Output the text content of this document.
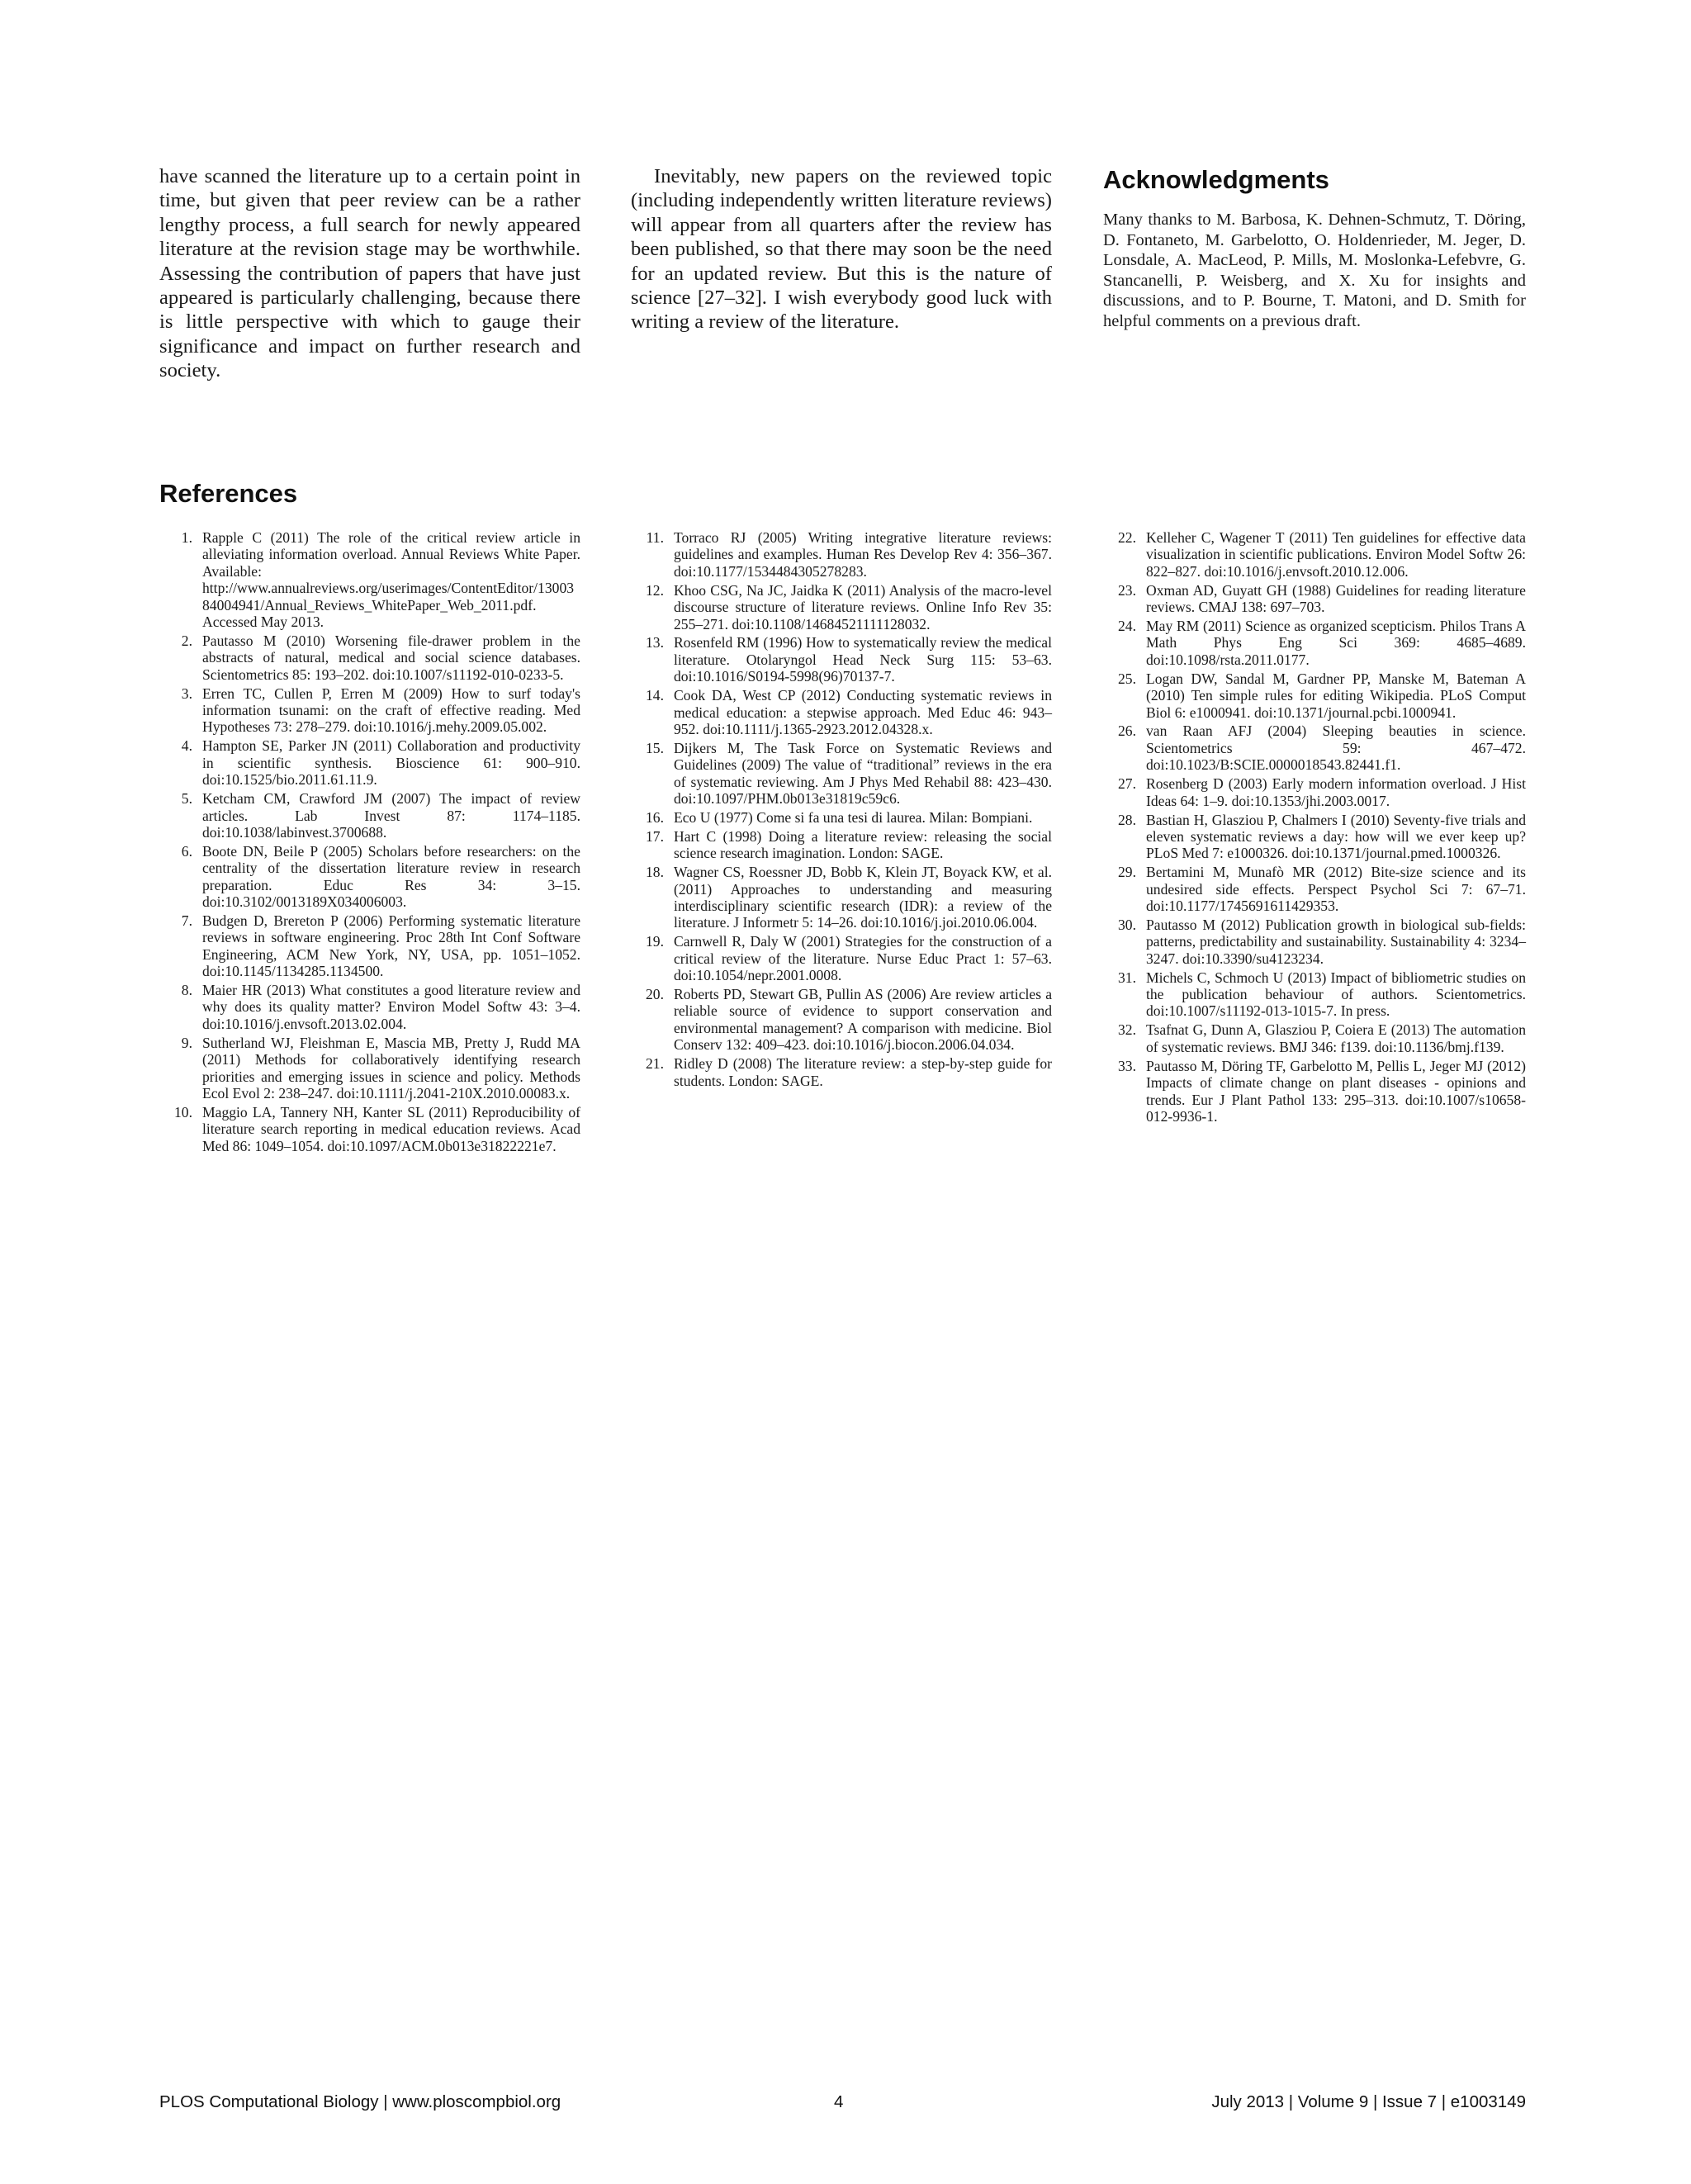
have scanned the literature up to a certain point in time, but given that peer review can be a rather lengthy process, a full search for newly appeared literature at the revision stage may be worthwhile. Assessing the contribution of papers that have just appeared is particularly challenging, because there is little perspective with which to gauge their significance and impact on further research and society.

Inevitably, new papers on the reviewed topic (including independently written literature reviews) will appear from all quarters after the review has been published, so that there may soon be the need for an updated review. But this is the nature of science [27–32]. I wish everybody good luck with writing a review of the literature.

Acknowledgments

Many thanks to M. Barbosa, K. Dehnen-Schmutz, T. Döring, D. Fontaneto, M. Garbelotto, O. Holdenrieder, M. Jeger, D. Lonsdale, A. MacLeod, P. Mills, M. Moslonka-Lefebvre, G. Stancanelli, P. Weisberg, and X. Xu for insights and discussions, and to P. Bourne, T. Matoni, and D. Smith for helpful comments on a previous draft.

References
1. Rapple C (2011) The role of the critical review article in alleviating information overload. Annual Reviews White Paper. Available: http://www.annualreviews.org/userimages/ContentEditor/1300384004941/Annual_Reviews_WhitePaper_Web_2011.pdf. Accessed May 2013.
2. Pautasso M (2010) Worsening file-drawer problem in the abstracts of natural, medical and social science databases. Scientometrics 85: 193–202. doi:10.1007/s11192-010-0233-5.
3. Erren TC, Cullen P, Erren M (2009) How to surf today's information tsunami: on the craft of effective reading. Med Hypotheses 73: 278–279. doi:10.1016/j.mehy.2009.05.002.
4. Hampton SE, Parker JN (2011) Collaboration and productivity in scientific synthesis. Bioscience 61: 900–910. doi:10.1525/bio.2011.61.11.9.
5. Ketcham CM, Crawford JM (2007) The impact of review articles. Lab Invest 87: 1174–1185. doi:10.1038/labinvest.3700688.
6. Boote DN, Beile P (2005) Scholars before researchers: on the centrality of the dissertation literature review in research preparation. Educ Res 34: 3–15. doi:10.3102/0013189X034006003.
7. Budgen D, Brereton P (2006) Performing systematic literature reviews in software engineering. Proc 28th Int Conf Software Engineering, ACM New York, NY, USA, pp. 1051–1052. doi:10.1145/1134285.1134500.
8. Maier HR (2013) What constitutes a good literature review and why does its quality matter? Environ Model Softw 43: 3–4. doi:10.1016/j.envsoft.2013.02.004.
9. Sutherland WJ, Fleishman E, Mascia MB, Pretty J, Rudd MA (2011) Methods for collaboratively identifying research priorities and emerging issues in science and policy. Methods Ecol Evol 2: 238–247. doi:10.1111/j.2041-210X.2010.00083.x.
10. Maggio LA, Tannery NH, Kanter SL (2011) Reproducibility of literature search reporting in medical education reviews. Acad Med 86: 1049–1054. doi:10.1097/ACM.0b013e31822221e7.
11. Torraco RJ (2005) Writing integrative literature reviews: guidelines and examples. Human Res Develop Rev 4: 356–367. doi:10.1177/1534484305278283.
12. Khoo CSG, Na JC, Jaidka K (2011) Analysis of the macro-level discourse structure of literature reviews. Online Info Rev 35: 255–271. doi:10.1108/14684521111128032.
13. Rosenfeld RM (1996) How to systematically review the medical literature. Otolaryngol Head Neck Surg 115: 53–63. doi:10.1016/S0194-5998(96)70137-7.
14. Cook DA, West CP (2012) Conducting systematic reviews in medical education: a stepwise approach. Med Educ 46: 943–952. doi:10.1111/j.1365-2923.2012.04328.x.
15. Dijkers M, The Task Force on Systematic Reviews and Guidelines (2009) The value of “traditional” reviews in the era of systematic reviewing. Am J Phys Med Rehabil 88: 423–430. doi:10.1097/PHM.0b013e31819c59c6.
16. Eco U (1977) Come si fa una tesi di laurea. Milan: Bompiani.
17. Hart C (1998) Doing a literature review: releasing the social science research imagination. London: SAGE.
18. Wagner CS, Roessner JD, Bobb K, Klein JT, Boyack KW, et al. (2011) Approaches to understanding and measuring interdisciplinary scientific research (IDR): a review of the literature. J Informetr 5: 14–26. doi:10.1016/j.joi.2010.06.004.
19. Carnwell R, Daly W (2001) Strategies for the construction of a critical review of the literature. Nurse Educ Pract 1: 57–63. doi:10.1054/nepr.2001.0008.
20. Roberts PD, Stewart GB, Pullin AS (2006) Are review articles a reliable source of evidence to support conservation and environmental management? A comparison with medicine. Biol Conserv 132: 409–423. doi:10.1016/j.biocon.2006.04.034.
21. Ridley D (2008) The literature review: a step-by-step guide for students. London: SAGE.
22. Kelleher C, Wagener T (2011) Ten guidelines for effective data visualization in scientific publications. Environ Model Softw 26: 822–827. doi:10.1016/j.envsoft.2010.12.006.
23. Oxman AD, Guyatt GH (1988) Guidelines for reading literature reviews. CMAJ 138: 697–703.
24. May RM (2011) Science as organized scepticism. Philos Trans A Math Phys Eng Sci 369: 4685–4689. doi:10.1098/rsta.2011.0177.
25. Logan DW, Sandal M, Gardner PP, Manske M, Bateman A (2010) Ten simple rules for editing Wikipedia. PLoS Comput Biol 6: e1000941. doi:10.1371/journal.pcbi.1000941.
26. van Raan AFJ (2004) Sleeping beauties in science. Scientometrics 59: 467–472. doi:10.1023/B:SCIE.0000018543.82441.f1.
27. Rosenberg D (2003) Early modern information overload. J Hist Ideas 64: 1–9. doi:10.1353/jhi.2003.0017.
28. Bastian H, Glasziou P, Chalmers I (2010) Seventy-five trials and eleven systematic reviews a day: how will we ever keep up? PLoS Med 7: e1000326. doi:10.1371/journal.pmed.1000326.
29. Bertamini M, Munafò MR (2012) Bite-size science and its undesired side effects. Perspect Psychol Sci 7: 67–71. doi:10.1177/1745691611429353.
30. Pautasso M (2012) Publication growth in biological sub-fields: patterns, predictability and sustainability. Sustainability 4: 3234–3247. doi:10.3390/su4123234.
31. Michels C, Schmoch U (2013) Impact of bibliometric studies on the publication behaviour of authors. Scientometrics. doi:10.1007/s11192-013-1015-7. In press.
32. Tsafnat G, Dunn A, Glasziou P, Coiera E (2013) The automation of systematic reviews. BMJ 346: f139. doi:10.1136/bmj.f139.
33. Pautasso M, Döring TF, Garbelotto M, Pellis L, Jeger MJ (2012) Impacts of climate change on plant diseases - opinions and trends. Eur J Plant Pathol 133: 295–313. doi:10.1007/s10658-012-9936-1.
PLOS Computational Biology | www.ploscompbiol.org	4	July 2013 | Volume 9 | Issue 7 | e1003149
